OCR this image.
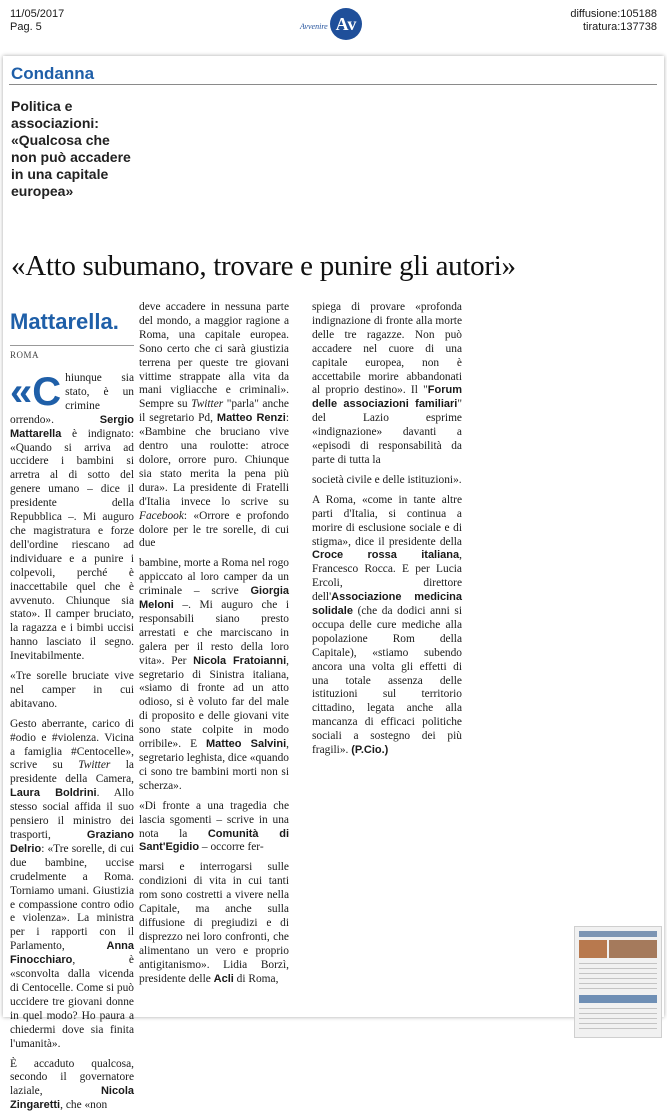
11/05/2017
Pag. 5	Avvenire Av	diffusione:105188
tiratura:137738
Condanna
Politica e associazioni: «Qualcosa che non può accadere in una capitale europea»
«Atto subumano, trovare e punire gli autori»
Mattarella.
ROMA

«Chiunque sia stato, è un crimine orrendo». Sergio Mattarella è indignato: «Quando si arriva ad uccidere i bambini si arretra al di sotto del genere umano – dice il presidente della Repubblica –. Mi auguro che magistratura e forze dell'ordine riescano ad individuare e a punire i colpevoli, perché è inaccettabile quel che è avvenuto. Chiunque sia stato». Il camper bruciato, la ragazza e i bimbi uccisi hanno lasciato il segno. Inevitabilmente.

«Tre sorelle bruciate vive nel camper in cui abitavano.

Gesto aberrante, carico di #odio e #violenza. Vicina a famiglia #Centocelle», scrive su Twitter la presidente della Camera, Laura Boldrini. Allo stesso social affida il suo pensiero il ministro dei trasporti, Graziano Delrio: «Tre sorelle, di cui due bambine, uccise crudelmente a Roma. Torniamo umani. Giustizia e compassione contro odio e violenza». La ministra per i rapporti con il Parlamento, Anna Finocchiaro, è «sconvolta dalla vicenda di Centocelle. Come si può uccidere tre giovani donne in quel modo? Ho paura a chiedermi dove sia finita l'umanità».

È accaduto qualcosa, secondo il governatore laziale, Nicola Zingaretti, che «non

deve accadere in nessuna parte del mondo, a maggior ragione a Roma, una capitale europea. Sono certo che ci sarà giustizia terrena per queste tre giovani vittime strappate alla vita da mani vigliacche e criminali». Sempre su Twitter "parla" anche il segretario Pd, Matteo Renzi: «Bambine che bruciano vive dentro una roulotte: atroce dolore, orrore puro. Chiunque sia stato merita la pena più dura». La presidente di Fratelli d'Italia invece lo scrive su Facebook: «Orrore e profondo dolore per le tre sorelle, di cui due

bambine, morte a Roma nel rogo appiccato al loro camper da un criminale – scrive Giorgia Meloni –. Mi auguro che i responsabili siano presto arrestati e che marciscano in galera per il resto della loro vita». Per Nicola Fratoianni, segretario di Sinistra italiana, «siamo di fronte ad un atto odioso, si è voluto far del male di proposito e delle giovani vite sono state colpite in modo orribile». E Matteo Salvini, segretario leghista, dice «quando ci sono tre bambini morti non si scherza».

«Di fronte a una tragedia che lascia sgomenti – scrive in una nota la Comunità di Sant'Egidio – occorre fer-

marsi e interrogarsi sulle condizioni di vita in cui tanti rom sono costretti a vivere nella Capitale, ma anche sulla diffusione di pregiudizi e di disprezzo nei loro confronti, che alimentano un vero e proprio antigitanismo». Lidia Borzì, presidente delle Acli di Roma,

spiega di provare «profonda indignazione di fronte alla morte delle tre ragazze. Non può accadere nel cuore di una capitale europea, non è accettabile morire abbandonati al proprio destino». Il "Forum delle associazioni familiari" del Lazio esprime «indignazione» davanti a «episodi di responsabilità da parte di tutta la

società civile e delle istituzioni».

A Roma, «come in tante altre parti d'Italia, si continua a morire di esclusione sociale e di stigma», dice il presidente della Croce rossa italiana, Francesco Rocca. E per Lucia Ercoli, direttore dell'Associazione medicina solidale (che da dodici anni si occupa delle cure mediche alla popolazione Rom della Capitale), «stiamo subendo ancora una volta gli effetti di una totale assenza delle istituzioni sul territorio cittadino, legata anche alla mancanza di efficaci politiche sociali a sostegno dei più fragili». (P.Cio.)
